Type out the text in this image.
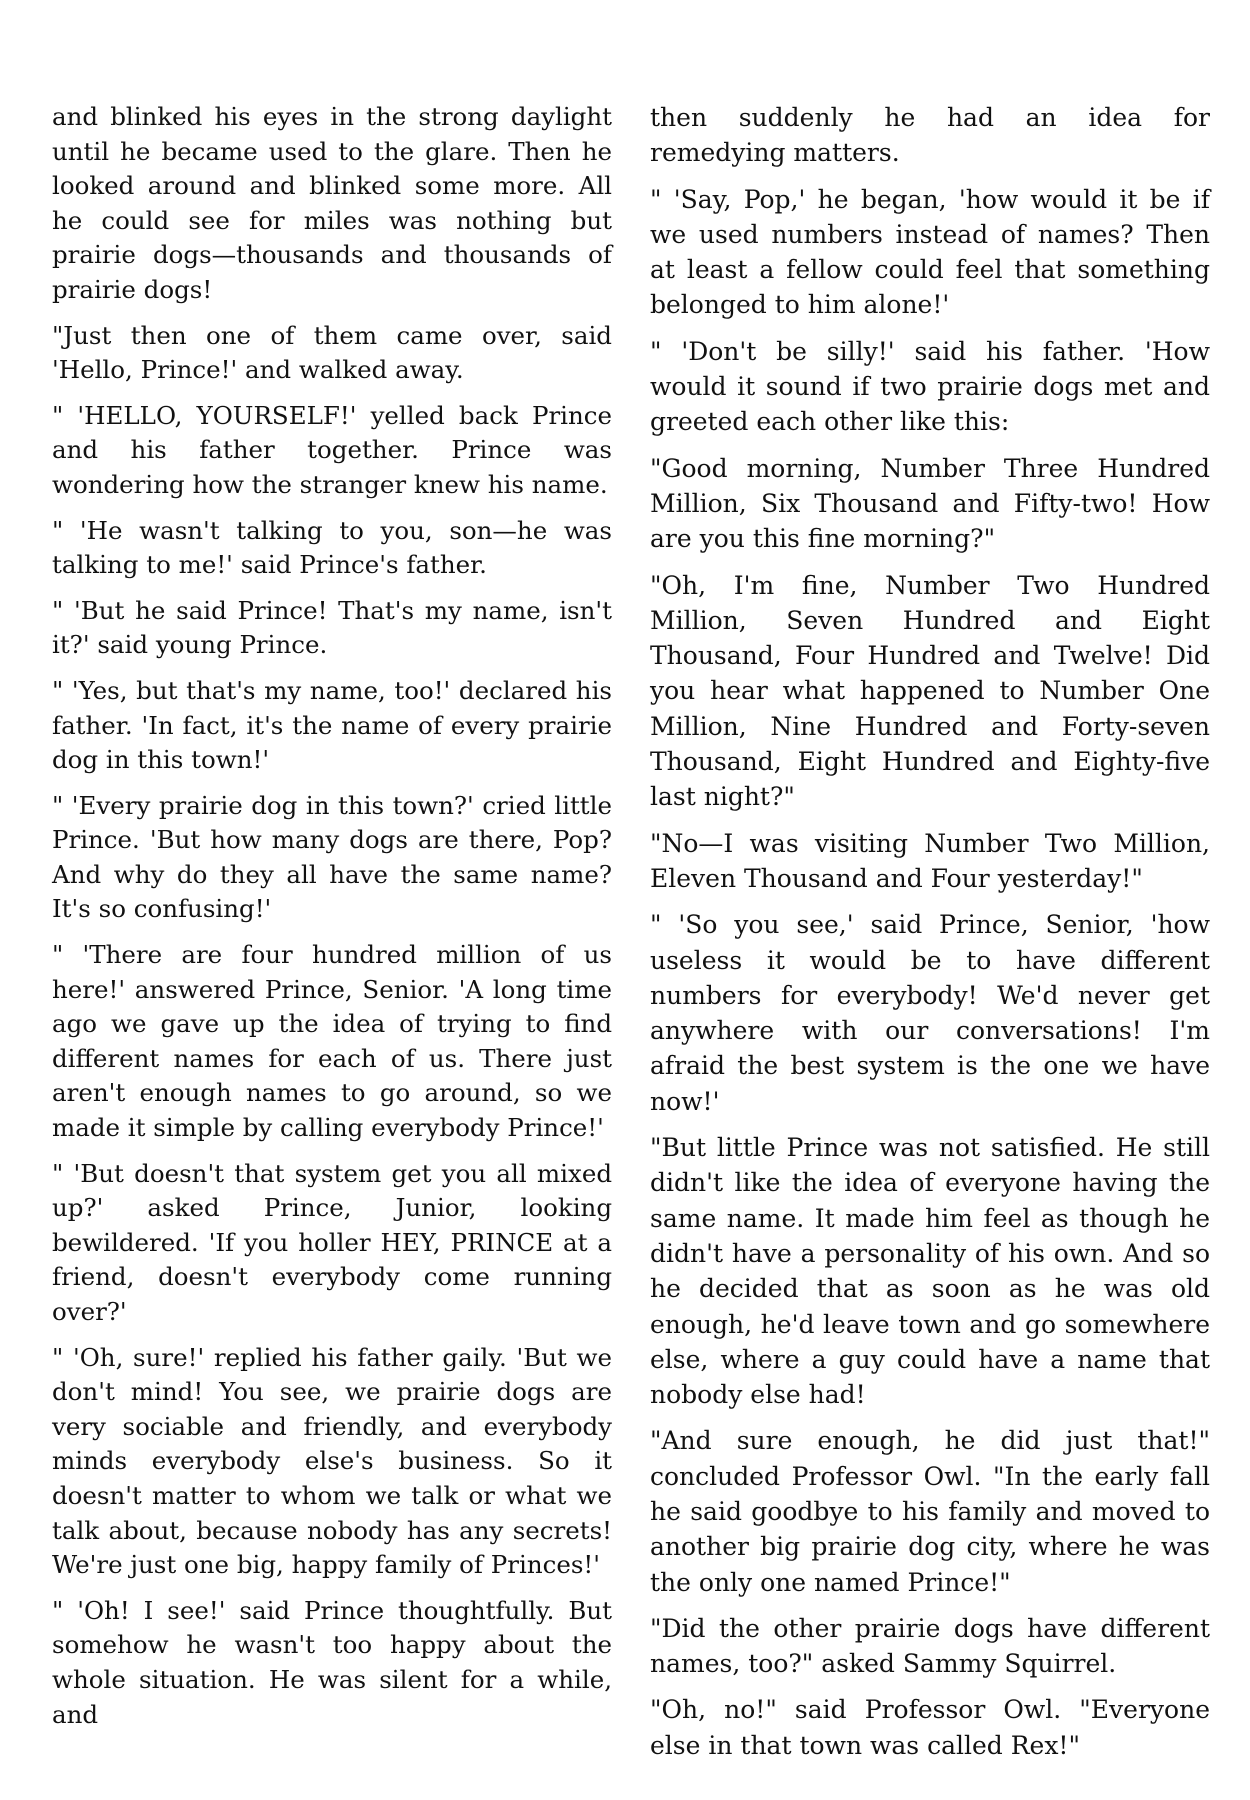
and blinked his eyes in the strong daylight until he became used to the glare. Then he looked around and blinked some more. All he could see for miles was nothing but prairie dogs—thousands and thousands of prairie dogs!

"Just then one of them came over, said 'Hello, Prince!' and walked away.

" 'HELLO, YOURSELF!' yelled back Prince and his father together. Prince was wondering how the stranger knew his name.

" 'He wasn't talking to you, son—he was talking to me!' said Prince's father.

" 'But he said Prince! That's my name, isn't it?' said young Prince.

" 'Yes, but that's my name, too!' declared his father. 'In fact, it's the name of every prairie dog in this town!'

" 'Every prairie dog in this town?' cried little Prince. 'But how many dogs are there, Pop? And why do they all have the same name? It's so confusing!'

" 'There are four hundred million of us here!' answered Prince, Senior. 'A long time ago we gave up the idea of trying to find different names for each of us. There just aren't enough names to go around, so we made it simple by calling everybody Prince!'

" 'But doesn't that system get you all mixed up?' asked Prince, Junior, looking bewildered. 'If you holler HEY, PRINCE at a friend, doesn't everybody come running over?'

" 'Oh, sure!' replied his father gaily. 'But we don't mind! You see, we prairie dogs are very sociable and friendly, and everybody minds everybody else's business. So it doesn't matter to whom we talk or what we talk about, because nobody has any secrets! We're just one big, happy family of Princes!'

" 'Oh! I see!' said Prince thoughtfully. But somehow he wasn't too happy about the whole situation. He was silent for a while, and

then suddenly he had an idea for remedying matters.

" 'Say, Pop,' he began, 'how would it be if we used numbers instead of names? Then at least a fellow could feel that something belonged to him alone!'

" 'Don't be silly!' said his father. 'How would it sound if two prairie dogs met and greeted each other like this:

"Good morning, Number Three Hundred Million, Six Thousand and Fifty-two! How are you this fine morning?"

"Oh, I'm fine, Number Two Hundred Million, Seven Hundred and Eight Thousand, Four Hundred and Twelve! Did you hear what happened to Number One Million, Nine Hundred and Forty-seven Thousand, Eight Hundred and Eighty-five last night?"

"No—I was visiting Number Two Million, Eleven Thousand and Four yesterday!"

" 'So you see,' said Prince, Senior, 'how useless it would be to have different numbers for everybody! We'd never get anywhere with our conversations! I'm afraid the best system is the one we have now!'

"But little Prince was not satisfied. He still didn't like the idea of everyone having the same name. It made him feel as though he didn't have a personality of his own. And so he decided that as soon as he was old enough, he'd leave town and go somewhere else, where a guy could have a name that nobody else had!

"And sure enough, he did just that!" concluded Professor Owl. "In the early fall he said goodbye to his family and moved to another big prairie dog city, where he was the only one named Prince!"

"Did the other prairie dogs have different names, too?" asked Sammy Squirrel.

"Oh, no!" said Professor Owl. "Everyone else in that town was called Rex!"
